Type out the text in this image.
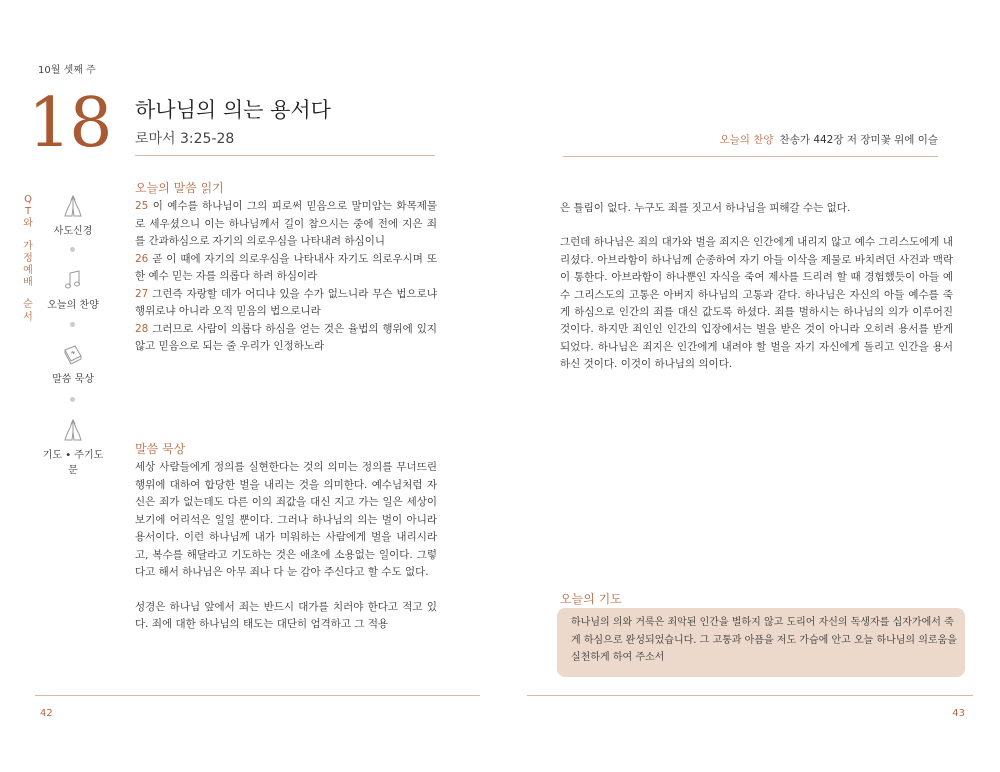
10월 셋째 주
18 하나님의 의는 용서다
로마서 3:25-28	오늘의 찬양 찬송가 442장 저 장미꽃 위에 이슬
Q
T
와
가
정
예
배
순
서
사도신경
오늘의 찬양
말씀 묵상
기도 • 주기도문
오늘의 말씀 읽기

25 이 예수를 하나님이 그의 피로써 믿음으로 말미암는 화목제물로 세우셨으니 이는 하나님께서 길이 참으시는 중에 전에 지은 죄를 간과하심으로 자기의 의로우심을 나타내려 하심이니

26 곧 이 때에 자기의 의로우심을 나타내사 자기도 의로우시며 또한 예수 믿는 자를 의롭다 하려 하심이라

27 그런즉 자랑할 데가 어디냐 있을 수가 없느니라 무슨 법으로냐 행위로냐 아니라 오직 믿음의 법으로니라

28 그러므로 사람이 의롭다 하심을 얻는 것은 율법의 행위에 있지 않고 믿음으로 되는 줄 우리가 인정하노라

말씀 묵상

세상 사람들에게 정의를 실현한다는 것의 의미는 정의를 무너뜨린 행위에 대하여 합당한 벌을 내리는 것을 의미한다. 예수님처럼 자신은 죄가 없는데도 다른 이의 죄값을 대신 지고 가는 일은 세상이 보기에 어리석은 일일 뿐이다. 그러나 하나님의 의는 벌이 아니라 용서이다. 이런 하나님께 내가 미워하는 사람에게 벌을 내리시라고, 복수를 해달라고 기도하는 것은 애초에 소용없는 일이다. 그렇다고 해서 하나님은 아무 죄나 다 눈 감아 주신다고 할 수도 없다.

성경은 하나님 앞에서 죄는 반드시 대가를 치러야 한다고 적고 있다. 죄에 대한 하나님의 태도는 대단히 엄격하고 그 적용

은 틀림이 없다. 누구도 죄를 짓고서 하나님을 피해갈 수는 없다.

그런데 하나님은 죄의 대가와 벌을 죄지은 인간에게 내리지 않고 예수 그리스도에게 내리셨다. 아브라함이 하나님께 순종하여 자기 아들 이삭을 제물로 바치려던 사건과 맥락이 통한다. 아브라함이 하나뿐인 자식을 죽여 제사를 드리려 할 때 경험했듯이 아들 예수 그리스도의 고통은 아버지 하나님의 고통과 같다. 하나님은 자신의 아들 예수를 죽게 하심으로 인간의 죄를 대신 값도록 하셨다. 죄를 벌하시는 하나님의 의가 이루어진 것이다. 하지만 죄인인 인간의 입장에서는 벌을 받은 것이 아니라 오히려 용서를 받게 되었다. 하나님은 죄지은 인간에게 내려야 할 벌을 자기 자신에게 돌리고 인간을 용서하신 것이다. 이것이 하나님의 의이다.

오늘의 기도
하나님의 의와 거룩은 죄악된 인간을 벌하지 않고 도리어 자신의 독생자를 십자가에서 죽게 하심으로 완성되었습니다. 그 고통과 아픔을 저도 가슴에 안고 오늘 하나님의 의로움을 실천하게 하여 주소서
42	43
